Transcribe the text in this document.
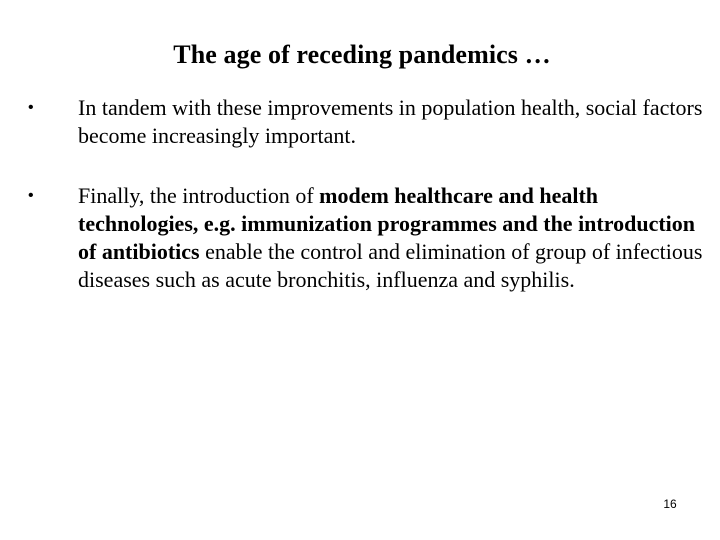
The age of receding pandemics …
• In tandem with these improvements in population health, social factors become increasingly important.
• Finally, the introduction of modem healthcare and health technologies, e.g. immunization programmes and the introduction of antibiotics enable the control and elimination of group of infectious diseases such as acute bronchitis, influenza and syphilis.
16
